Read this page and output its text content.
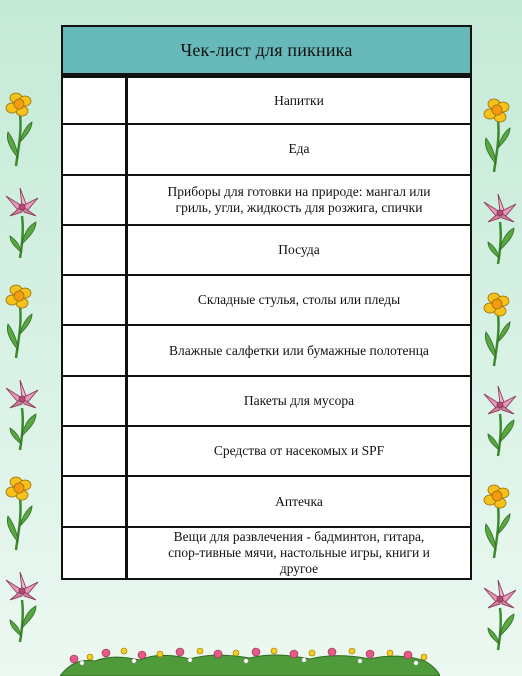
Чек-лист для пикника
Напитки
Еда
Приборы для готовки на природе: мангал или гриль, угли, жидкость для розжига, спички
Посуда
Складные стулья, столы или пледы
Влажные салфетки или бумажные полотенца
Пакеты для мусора
Средства от насекомых и SPF
Аптечка
Вещи для развлечения - бадминтон, гитара, спор-тивные мячи, настольные игры, книги и другое
